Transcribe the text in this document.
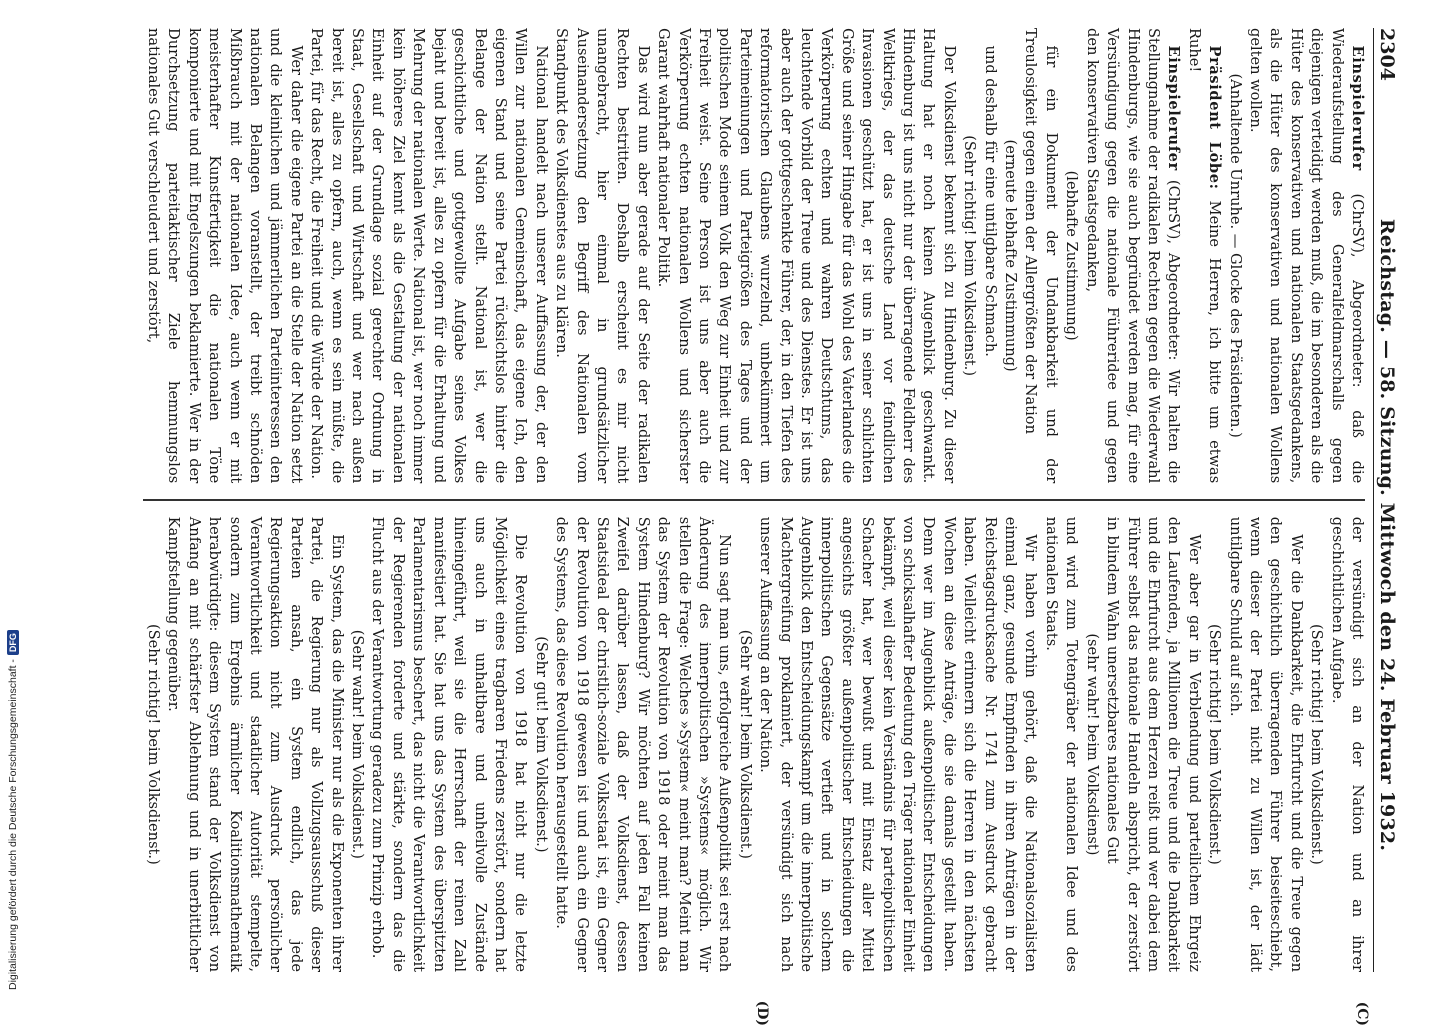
2304
Reichstag. — 58. Sitzung. Mittwoch den 24. Februar 1932.

Einspielerufer (ChrSV), Abgeordneter: daß die Wiederaufstellung des Generalfeldmarschalls gegen diejenigen verteidigt werden muß, die im besonderen als die Hüter des konservativen und nationalen Staatsgedankens, als die Hüter des konservativen und nationalen Wollens gelten wollen.

(Anhaltende Unruhe. — Glocke des Präsidenten.)

Präsident Löbe: Meine Herren, ich bitte um etwas Ruhe!

Einspielerufer (ChrSV), Abgeordneter: Wir halten die Stellungnahme der radikalen Rechten gegen die Wiederwahl Hindenburgs, wie sie auch begründet werden mag, für eine Versündigung gegen die nationale Führeridee und gegen den konservativen Staatsgedanken,

(lebhafte Zustimmung)

für ein Dokument der Undankbarkeit und der Treulosigkeit gegen einen der Allergrößten der Nation

(erneute lebhafte Zustimmung)

und deshalb für eine untilgbare Schmach.

(Sehr richtig! beim Volksdienst.)

Der Volksdienst bekennt sich zu Hindenburg. Zu dieser Haltung hat er noch keinen Augenblick geschwankt. Hindenburg ist uns nicht nur der überragende Feldherr des Weltkriegs, der das deutsche Land vor feindlichen Invasionen geschützt hat, er ist uns in seiner schlichten Größe und seiner Hingabe für das Wohl des Vaterlandes die Verkörperung echten und wahren Deutschtums, das leuchtende Vorbild der Treue und des Dienstes. Er ist uns aber auch der gottgeschenkte Führer, der, in den Tiefen des reformatorischen Glaubens wurzelnd, unbekümmert um Parteimeinungen und Parteigrößen des Tages und der politischen Mode seinem Volk den Weg zur Einheit und zur Freiheit weist. Seine Person ist uns aber auch die Verkörperung echten nationalen Wollens und sicherster Garant wahrhaft nationaler Politik.

Das wird nun aber gerade auf der Seite der radikalen Rechten bestritten. Deshalb erscheint es mir nicht unangebracht, hier einmal in grundsätzlicher Auseinandersetzung den Begriff des Nationalen vom Standpunkt des Volksdienstes aus zu klären.

National handelt nach unserer Auffassung der, der den Willen zur nationalen Gemeinschaft, das eigene Ich, den eigenen Stand und seine Partei rücksichtslos hinter die Belange der Nation stellt. National ist, wer die geschichtliche und gottgewollte Aufgabe seines Volkes bejaht und bereit ist, alles zu opfern für die Erhaltung und Mehrung der nationalen Werte. National ist, wer noch immer kein höheres Ziel kennt als die Gestaltung der nationalen Einheit auf der Grundlage sozial gerechter Ordnung in Staat, Gesellschaft und Wirtschaft und wer nach außen bereit ist, alles zu opfern, auch, wenn es sein müßte, die Partei, für das Recht, die Freiheit und die Würde der Nation.

Wer daher die eigene Partei an die Stelle der Nation setzt und die kleinlichen und jämmerlichen Parteiinteressen den nationalen Belangen voranstellt, der treibt schnöden Mißbrauch mit der nationalen Idee, auch wenn er mit meisterhafter Kunstfertigkeit die nationalen Töne komponierte und mit Engelszungen beklamierte. Wer in der Durchsetzung parteitaktischer Ziele hemmungslos nationales Gut verschleudert und zerstört,

der versündigt sich an der Nation und an ihrer geschichtlichen Aufgabe.

(Sehr richtig! beim Volksdienst.)

Wer die Dankbarkeit, die Ehrfurcht und die Treue gegen den geschichtlich überragenden Führer beiseiteschiebt, wenn dieser der Partei nicht zu Willen ist, der lädt untilgbare Schuld auf sich.

(Sehr richtig! beim Volksdienst.)

Wer aber gar in Verblendung und parteilichem Ehrgeiz den Laufenden, ja Millionen die Treue und die Dankbarkeit und die Ehrfurcht aus dem Herzen reißt und wer dabei dem Führer selbst das nationale Handeln abspricht, der zerstört in blindem Wahn unersetzbares nationales Gut

(sehr wahr! beim Volksdienst)

und wird zum Totengräber der nationalen Idee und des nationalen Staats.

Wir haben vorhin gehört, daß die Nationalsozialisten einmal ganz, gesunde Empfinden in ihren Anträgen in der Reichstagsdrucksache Nr. 1741 zum Ausdruck gebracht haben. Vielleicht erinnern sich die Herren in den nächsten Wochen an diese Anträge, die sie damals gestellt haben. Denn wer im Augenblick außenpolitischer Entscheidungen von schicksalhafter Bedeutung den Träger nationaler Einheit bekämpft, weil dieser kein Verständnis für parteipolitischen Schacher hat, wer bewußt und mit Einsatz aller Mittel angesichts größter außenpolitischer Entscheidungen die innerpolitischen Gegensätze vertieft und in solchem Augenblick den Entscheidungskampf um die innerpolitische Machtergreifung proklamiert, der versündigt sich nach unserer Auffassung an der Nation.

(Sehr wahr! beim Volksdienst.)

Nun sagt man uns, erfolgreiche Außenpolitik sei erst nach Änderung des innerpolitischen »Systems« möglich. Wir stellen die Frage: Welches »System« meint man? Meint man das System der Revolution von 1918 oder meint man das System Hindenburg? Wir möchten auf jeden Fall keinen Zweifel darüber lassen, daß der Volksdienst, dessen Staatsideal der christlich-soziale Volksstaat ist, ein Gegner der Revolution von 1918 gewesen ist und auch ein Gegner des Systems, das diese Revolution herausgestellt hatte.

(Sehr gut! beim Volksdienst.)

Die Revolution von 1918 hat nicht nur die letzte Möglichkeit eines tragbaren Friedens zerstört, sondern hat uns auch in unhaltbare und unheilvolle Zustände hineingeführt, weil sie die Herrschaft der reinen Zahl manifestiert hat. Sie hat uns das System des überspitzten Parlamentarismus beschert, das nicht die Verantwortlichkeit der Regierenden forderte und stärkte, sondern das die Flucht aus der Verantwortung geradezu zum Prinzip erhob.

(Sehr wahr! beim Volksdienst.)

Ein System, das die Minister nur als die Exponenten ihrer Partei, die Regierung nur als Vollzugsausschuß dieser Parteien ansah, ein System endlich, das jede Regierungsaktion nicht zum Ausdruck persönlicher Verantwortlichkeit und staatlicher Autorität stempelte, sondern zum Ergebnis ärmlicher Koalitionsmathematik herabwürdigte: diesem System stand der Volksdienst von Anfang an mit schärfster Ablehnung und in unerbittlicher Kampfstellung gegenüber.

(Sehr richtig! beim Volksdienst.)

(C)
(D)
Digitalisierung gefördert durch die Deutsche Forschungsgemeinschaft -
DFG
